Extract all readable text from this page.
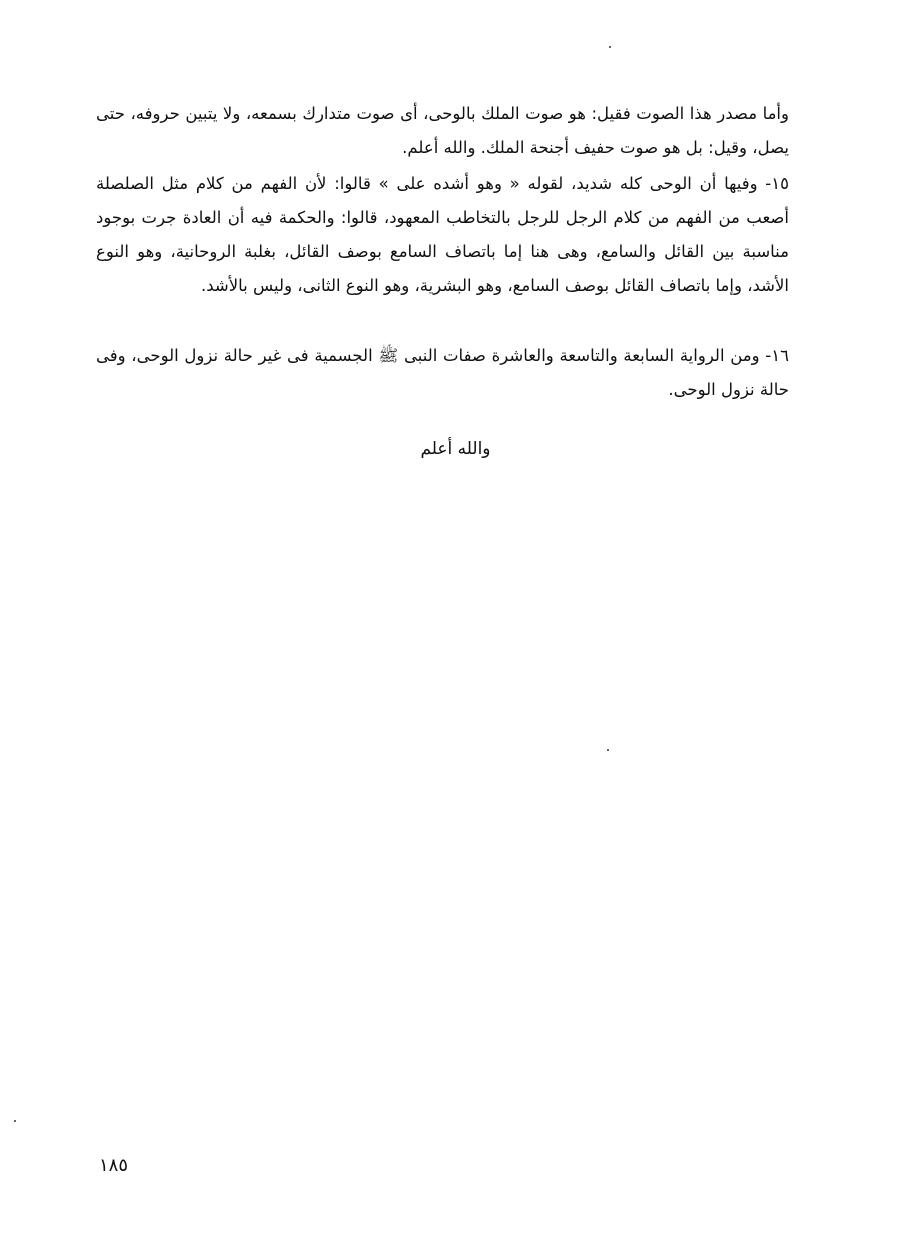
وأما مصدر هذا الصوت فقيل: هو صوت الملك بالوحى، أى صوت متدارك بسمعه، ولا يتبين حروفه، حتى يصل، وقيل: بل هو صوت حفيف أجنحة الملك. والله أعلم.

١٥- وفيها أن الوحى كله شديد، لقوله « وهو أشده على » قالوا: لأن الفهم من كلام مثل الصلصلة أصعب من الفهم من كلام الرجل للرجل بالتخاطب المعهود، قالوا: والحكمة فيه أن العادة جرت بوجود مناسبة بين القائل والسامع، وهى هنا إما باتصاف السامع بوصف القائل، بغلبة الروحانية، وهو النوع الأشد، وإما باتصاف القائل بوصف السامع، وهو البشرية، وهو النوع الثانى، وليس بالأشد.

١٦- ومن الرواية السابعة والتاسعة والعاشرة صفات النبى ﷺ الجسمية فى غير حالة نزول الوحى، وفى حالة نزول الوحى.

والله أعلم
١٨٥
